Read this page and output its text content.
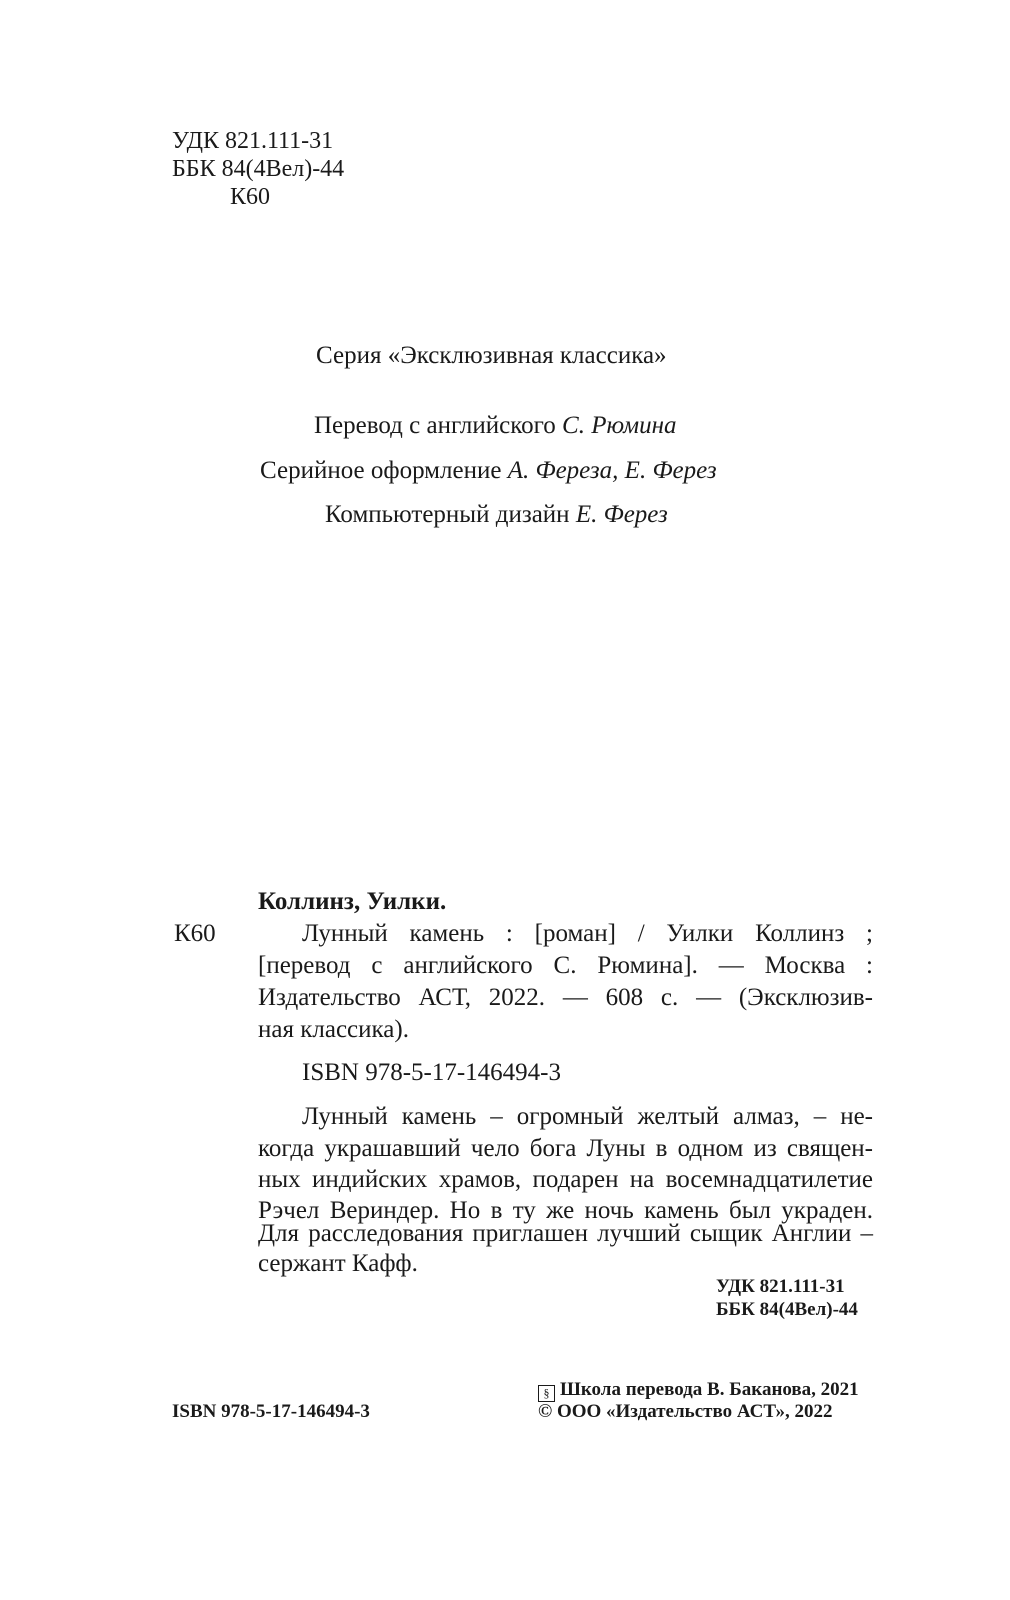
УДК 821.111-31
ББК 84(4Вел)-44
К60
Серия «Эксклюзивная классика»
Перевод с английского С. Рюмина
Серийное оформление А. Фереза, Е. Ферез
Компьютерный дизайн Е. Ферез
Коллинз, Уилки.
К60	Лунный камень : [роман] / Уилки Коллинз ;
[перевод с английского С. Рюмина]. — Москва :
Издательство АСТ, 2022. — 608 с. — (Эксклюзив-
ная классика).
ISBN 978-5-17-146494-3
Лунный камень – огромный желтый алмаз, – не-
когда украшавший чело бога Луны в одном из священ-
ных индийских храмов, подарен на восемнадцатилетие
Рэчел Вериндер. Но в ту же ночь камень был украден.
Для расследования приглашен лучший сыщик Англии –
сержант Кафф.
УДК 821.111-31
ББК 84(4Вел)-44
ISBN 978-5-17-146494-3
§ Школа перевода В. Баканова, 2021
© ООО «Издательство АСТ», 2022
